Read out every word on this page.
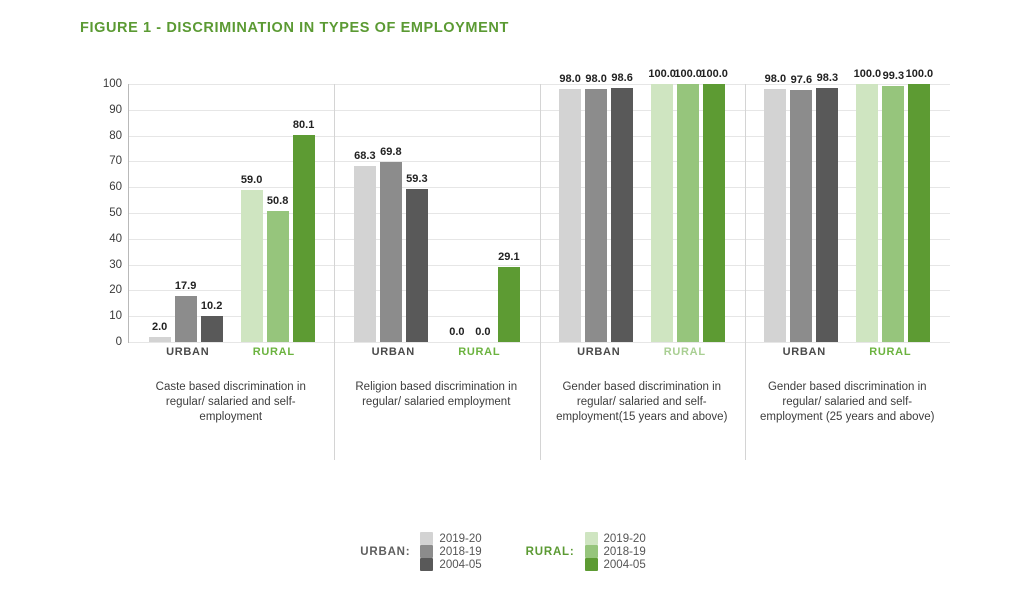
FIGURE 1 - DISCRIMINATION IN TYPES OF EMPLOYMENT
100
90
80
70
60
50
40
30
20
10
0
2.0
17.9
10.2
59.0
50.8
80.1
68.3 69.8
59.3
0.0 0.0
29.1
98.0 98.0 98.6 100.0
100.0
100.0	98.0 97.6 98.3 100.0 99.3 100.0
URBAN	RURAL	URBAN	RURAL	URBAN	RURAL	URBAN	RURAL
Caste based discrimination in regular/ salaried and self-employment
Religion based discrimination in regular/ salaried employment
Gender based discrimination in regular/ salaried and self-employment(15 years and above)
Gender based discrimination in regular/ salaried and self-employment (25 years and above)
URBAN:
2019-20
2018-19
2004-05
RURAL:
2019-20
2018-19
2004-05
